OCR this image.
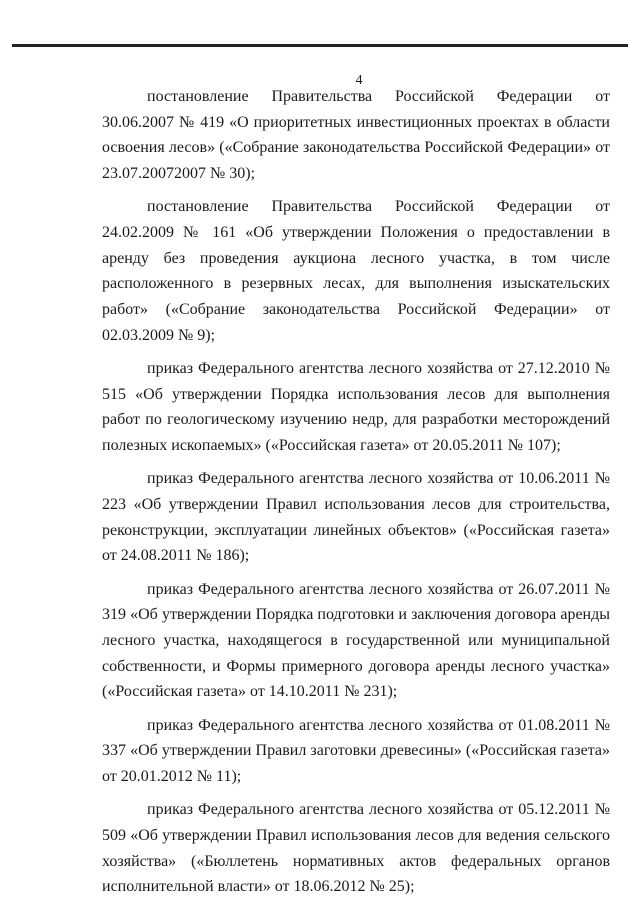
4

постановление Правительства Российской Федерации от 30.06.2007 № 419 «О приоритетных инвестиционных проектах в области освоения лесов» («Собрание законодательства Российской Федерации» от 23.07.20072007 № 30);

постановление Правительства Российской Федерации от 24.02.2009 № 161 «Об утверждении Положения о предоставлении в аренду без проведения аукциона лесного участка, в том числе расположенного в резервных лесах, для выполнения изыскательских работ» («Собрание законодательства Российской Федерации» от 02.03.2009 № 9);

приказ Федерального агентства лесного хозяйства от 27.12.2010 № 515 «Об утверждении Порядка использования лесов для выполнения работ по геологическому изучению недр, для разработки месторождений полезных ископаемых» («Российская газета» от 20.05.2011 № 107);

приказ Федерального агентства лесного хозяйства от 10.06.2011 № 223 «Об утверждении Правил использования лесов для строительства, реконструкции, эксплуатации линейных объектов» («Российская газета» от 24.08.2011 № 186);

приказ Федерального агентства лесного хозяйства от 26.07.2011 № 319 «Об утверждении Порядка подготовки и заключения договора аренды лесного участка, находящегося в государственной или муниципальной собственности, и Формы примерного договора аренды лесного участка» («Российская газета» от 14.10.2011 № 231);

приказ Федерального агентства лесного хозяйства от 01.08.2011 № 337 «Об утверждении Правил заготовки древесины» («Российская газета» от 20.01.2012 № 11);

приказ Федерального агентства лесного хозяйства от 05.12.2011 № 509 «Об утверждении Правил использования лесов для ведения сельского хозяйства» («Бюллетень нормативных актов федеральных органов исполнительной власти» от 18.06.2012 № 25);
